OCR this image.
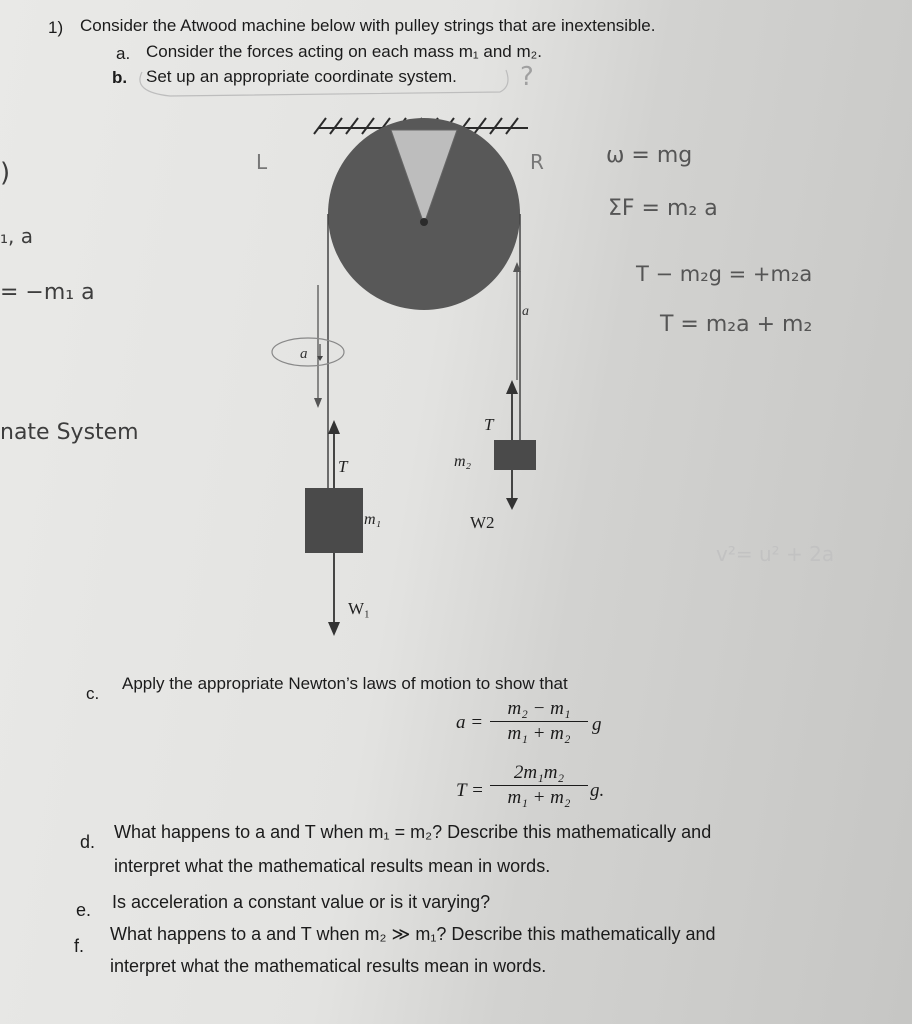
1) Consider the Atwood machine below with pulley strings that are inextensible.
a. Consider the forces acting on each mass m₁ and m₂.
b. Set up an appropriate coordinate system. ?
)
₁, a
= −m₁ a
nate System
L	R	ω = mg
ΣF = m₂ a
T − m₂g = +m₂a
T = m₂a + m₂
v²= u² + 2a
a
a
T
T
m₁
m₂
W₁
W2
c.
Apply the appropriate Newton’s laws of motion to show that
a =
m₂ − m₁
m₁ + m₂	g
T =
2m₁m₂
m₁ + m₂	g.
d. What happens to a and T when m₁ = m₂? Describe this mathematically and
interpret what the mathematical results mean in words.
e. Is acceleration a constant value or is it varying?
f.
What happens to a and T when m₂ ≫ m₁? Describe this mathematically and
interpret what the mathematical results mean in words.
